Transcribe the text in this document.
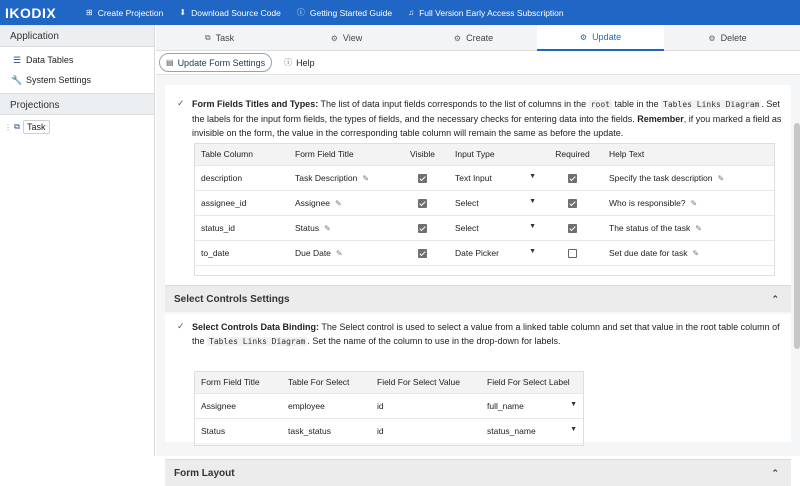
IKODIX	⊞ Create Projection ⬇ Download Source Code ⓘ Getting Started Guide ♫ Full Version Early Access Subscription
Application
☰ Data Tables
🔧 System Settings
Projections
⋮ ⧉ Task
⧉ Task	⚙ View	⚙ Create	⚙ Update	⚙ Delete
▤ Update Form Settings ⓘ Help
✓ Form Fields Titles and Types: The list of data input fields corresponds to the list of columns in the root table in the Tables Links Diagram . Set the labels for the input form fields, the types of fields, and the necessary checks for entering data into the fields. Remember, if you marked a field as invisible on the form, the value in the corresponding table column will remain the same as before the update.
Table Column	Form Field Title	Visible	Input Type	Required	Help Text
description	Task Description ✎		Text Input ▼		Specify the task description ✎
assignee_id	Assignee ✎		Select ▼		Who is responsible? ✎
status_id	Status ✎		Select ▼		The status of the task ✎
to_date	Due Date ✎		Date Picker ▼		Set due date for task ✎

Select Controls Settings	⌃
✓ Select Controls Data Binding: The Select control is used to select a value from a linked table column and set that value in the root table column of the Tables Links Diagram . Set the name of the column to use in the drop-down for labels.
Form Field Title	Table For Select	Field For Select Value	Field For Select Label
Assignee	employee	id	full_name ▼

Status	task_status	id	status_name ▼
Form Layout	⌃
